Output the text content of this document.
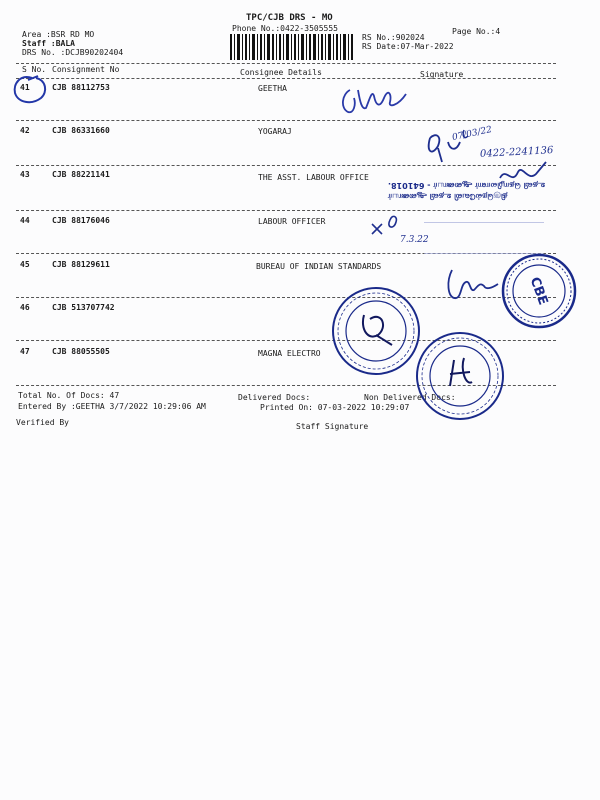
TPC/CJB DRS - MO
Phone No.:0422-3505555
Area :BSR RD MO
Staff :BALA
DRS No. :DCJB90202404
RS No.:902024
RS Date:07-Mar-2022
Page No.:4
S No. Consignment No	Consignee Details	Signature
41	CJB 88112753	GEETHA
42	CJB 86331660	YOGARAJ
43	CJB 88221141	THE ASST. LABOUR OFFICE
44	CJB 88176046	LABOUR OFFICER
45	CJB 88129611	BUREAU OF INDIAN STANDARDS
46	CJB 513707742
47	CJB 88055505	MAGNA ELECTRO
Total No. Of Docs: 47	Delivered Docs:	Non Delivered Docs:
Entered By :GEETHA 3/7/2022 10:29:06 AM	Printed On: 07-03-2022 10:29:07
Verified By	Staff Signature
07/03/22
0422-2241136
திருநெல்வேலி உதவி ஆணையர்
உதவி தொழிலாளர் ஆணையர் - 641018.
7.3.22
CBE
